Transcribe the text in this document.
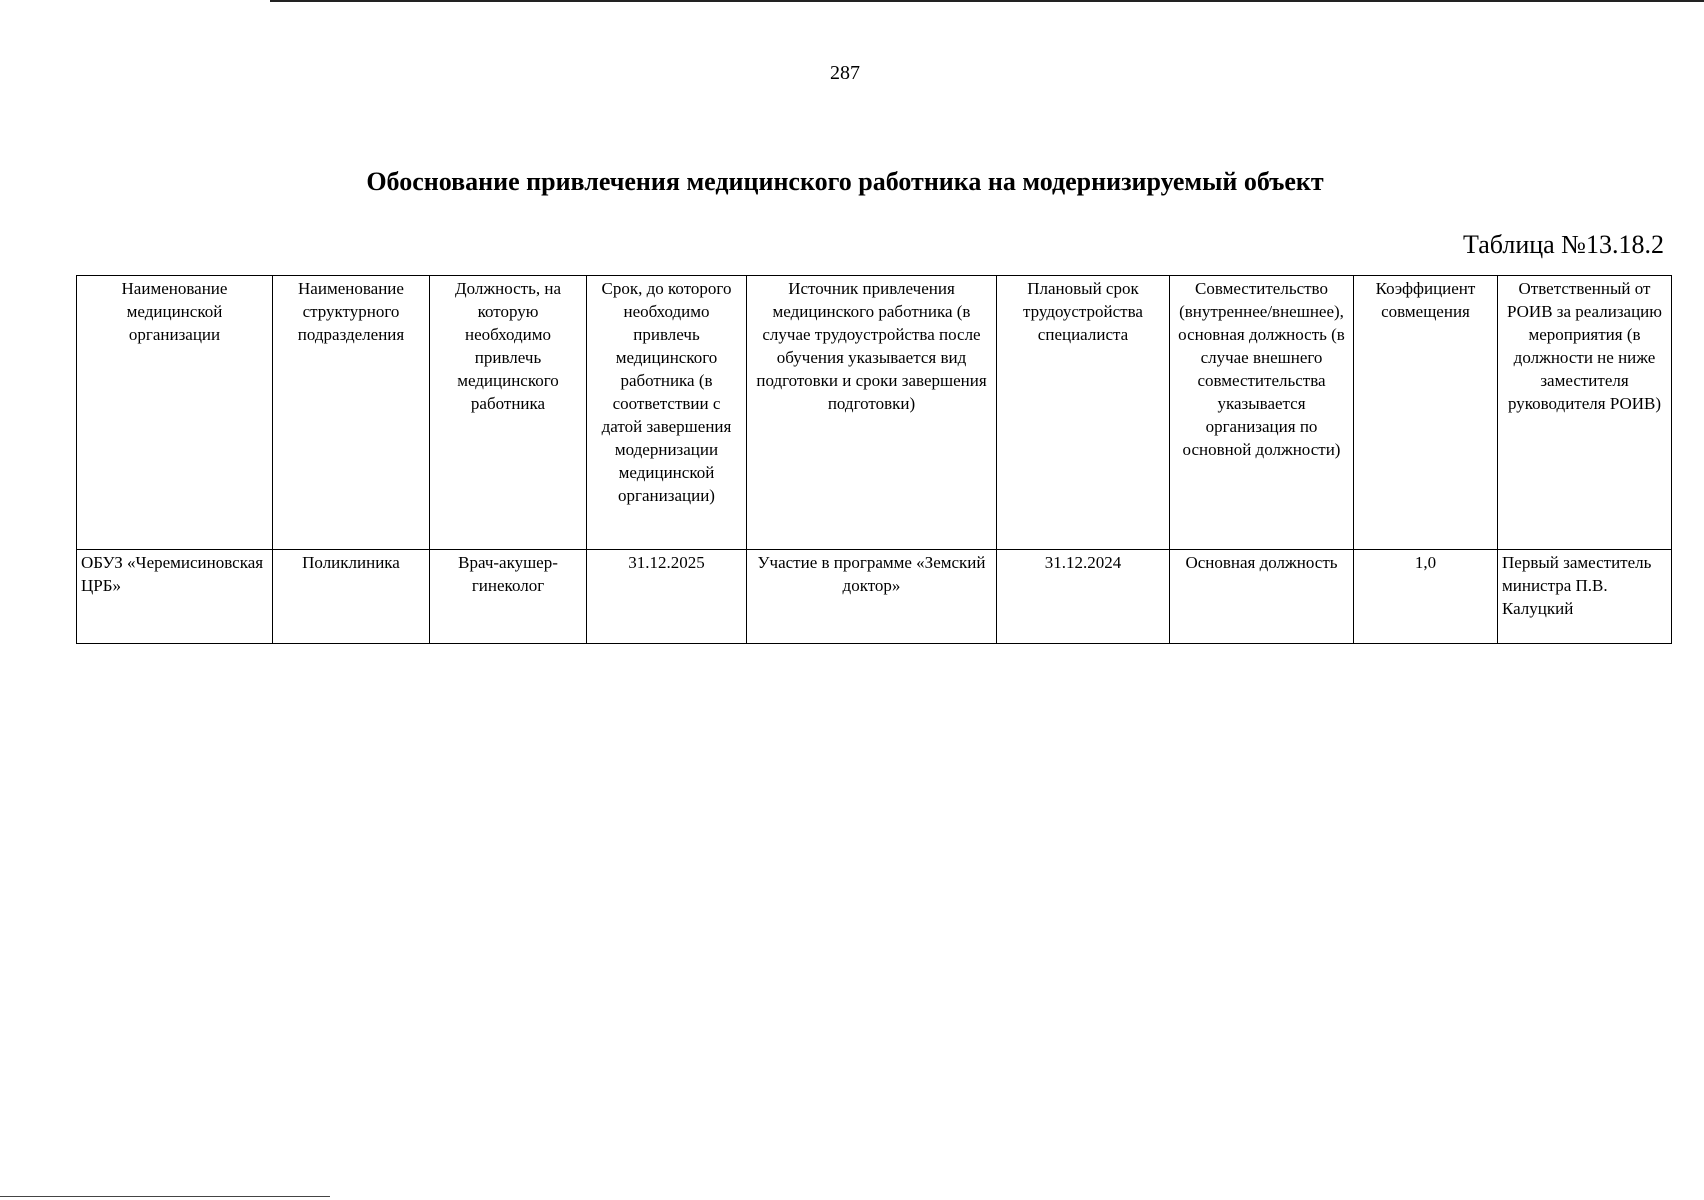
287
Обоснование привлечения медицинского работника на модернизируемый объект
Таблица №13.18.2
Наименование медицинской организации	Наименование структурного подразделения	Должность, на которую необходимо привлечь медицинского работника	Срок, до которого необходимо привлечь медицинского работника (в соответствии с датой завершения модернизации медицинской организации)	Источник привлечения медицинского работника (в случае трудоустройства после обучения указывается вид подготовки и сроки завершения подготовки)	Плановый срок трудоустройства специалиста	Совместительство (внутреннее/внешнее), основная должность (в случае внешнего совместительства указывается организация по основной должности)	Коэффициент совмещения	Ответственный от РОИВ за реализацию мероприятия (в должности не ниже заместителя руководителя РОИВ)
ОБУЗ «Черемисиновская ЦРБ»	Поликлиника	Врач-акушер-гинеколог	31.12.2025	Участие в программе «Земский доктор»	31.12.2024	Основная должность	1,0	Первый заместитель министра П.В. Калуцкий
